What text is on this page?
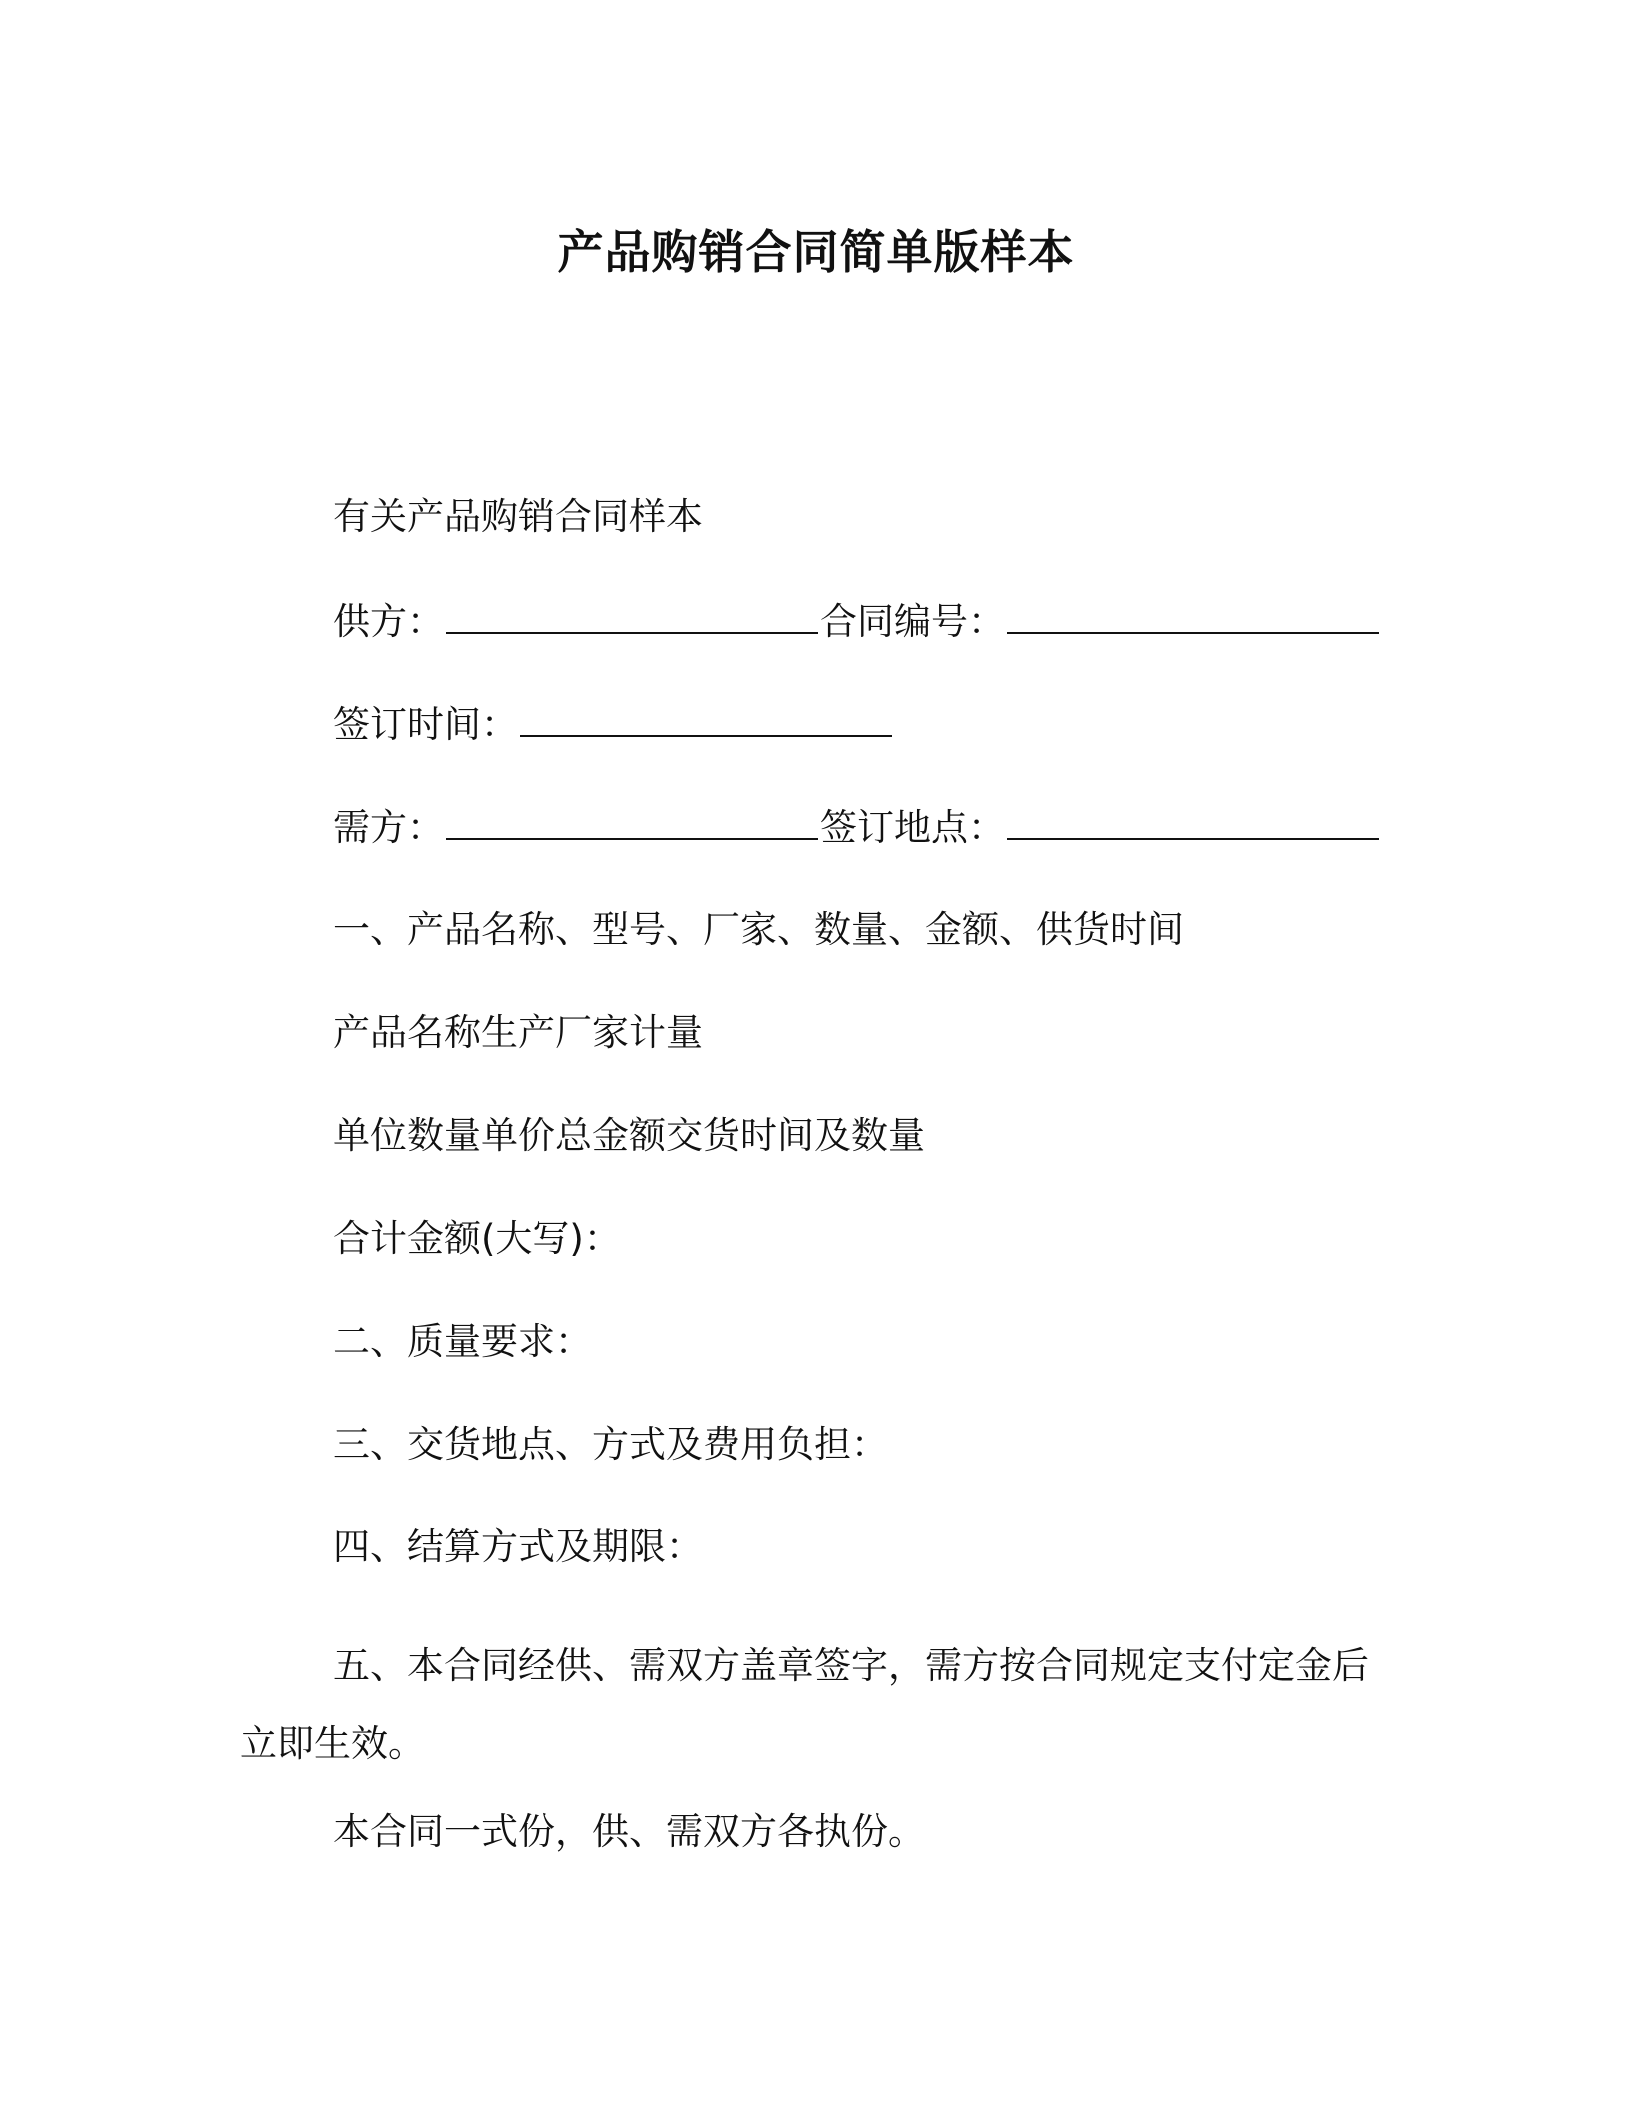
产品购销合同简单版样本
有关产品购销合同样本
供方：	合同编号：
签订时间：
需方：	签订地点：
一、产品名称、型号、厂家、数量、金额、供货时间
产品名称生产厂家计量
单位数量单价总金额交货时间及数量
合计金额(大写)：
二、质量要求：
三、交货地点、方式及费用负担：
四、结算方式及期限：
五、本合同经供、需双方盖章签字，需方按合同规定支付定金后立即生效。
本合同一式份，供、需双方各执份。
